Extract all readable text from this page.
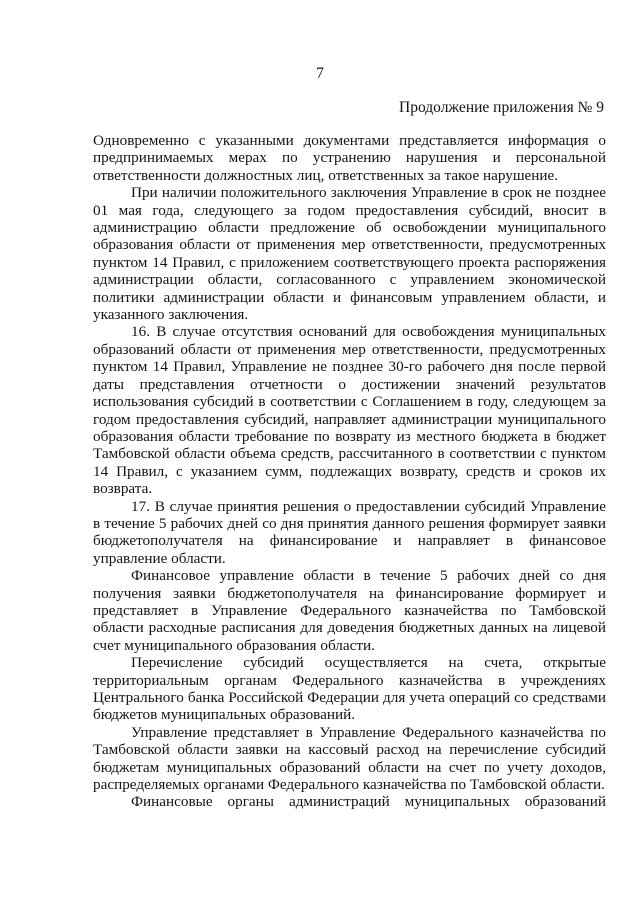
7
Продолжение приложения № 9

Одновременно с указанными документами представляется информация о предпринимаемых мерах по устранению нарушения и персональной ответственности должностных лиц, ответственных за такое нарушение.

При наличии положительного заключения Управление в срок не позднее 01 мая года, следующего за годом предоставления субсидий, вносит в администрацию области предложение об освобождении муниципального образования области от применения мер ответственности, предусмотренных пунктом 14 Правил, с приложением соответствующего проекта распоряжения администрации области, согласованного с управлением экономической политики администрации области и финансовым управлением области, и указанного заключения.

16. В случае отсутствия оснований для освобождения муниципальных образований области от применения мер ответственности, предусмотренных пунктом 14 Правил, Управление не позднее 30-го рабочего дня после первой даты представления отчетности о достижении значений результатов использования субсидий в соответствии с Соглашением в году, следующем за годом предоставления субсидий, направляет администрации муниципального образования области требование по возврату из местного бюджета в бюджет Тамбовской области объема средств, рассчитанного в соответствии с пунктом 14 Правил, с указанием сумм, подлежащих возврату, средств и сроков их возврата.

17. В случае принятия решения о предоставлении субсидий Управление в течение 5 рабочих дней со дня принятия данного решения формирует заявки бюджетополучателя на финансирование и направляет в финансовое управление области.

Финансовое управление области в течение 5 рабочих дней со дня получения заявки бюджетополучателя на финансирование формирует и представляет в Управление Федерального казначейства по Тамбовской области расходные расписания для доведения бюджетных данных на лицевой счет муниципального образования области.

Перечисление субсидий осуществляется на счета, открытые территориальным органам Федерального казначейства в учреждениях Центрального банка Российской Федерации для учета операций со средствами бюджетов муниципальных образований.

Управление представляет в Управление Федерального казначейства по Тамбовской области заявки на кассовый расход на перечисление субсидий бюджетам муниципальных образований области на счет по учету доходов, распределяемых органами Федерального казначейства по Тамбовской области.

Финансовые органы администраций муниципальных образований
